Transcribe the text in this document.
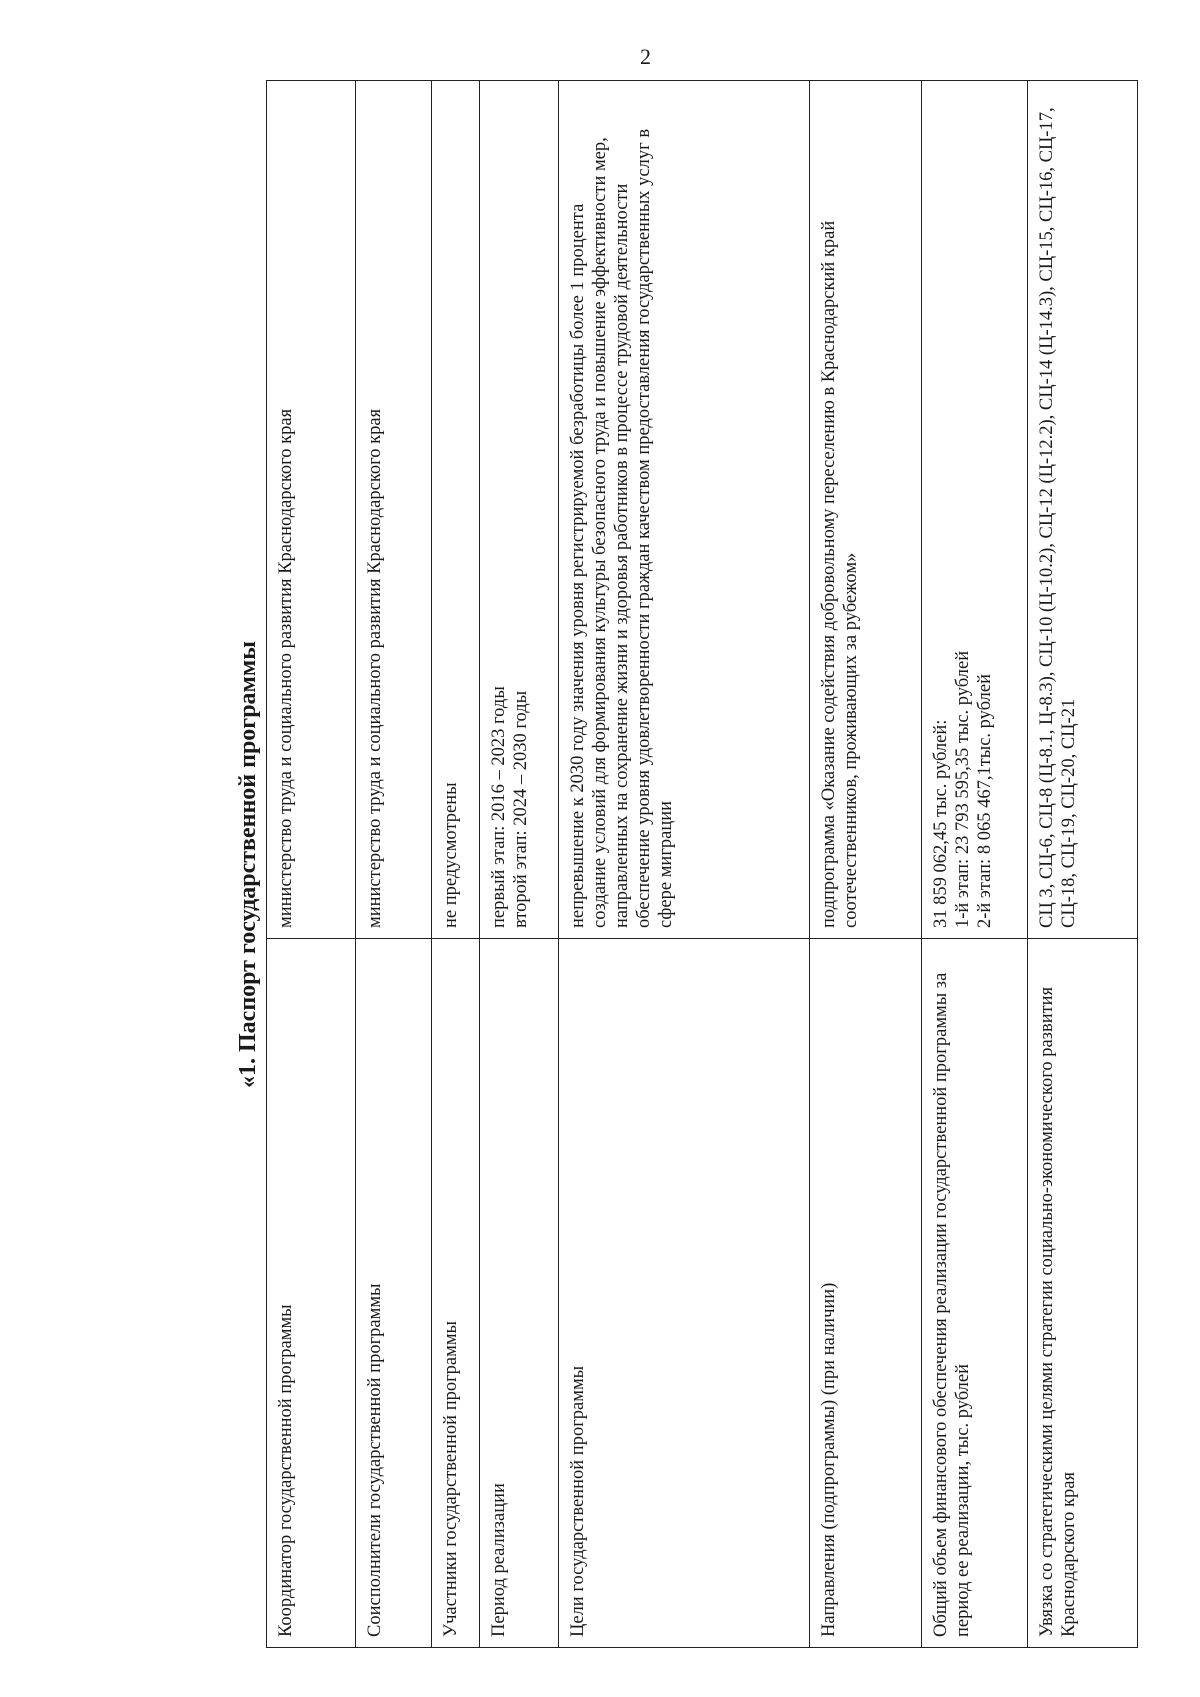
2
«1. Паспорт государственной программы
Координатор государственной программы	министерство труда и социального развития Краснодарского края

Соисполнители государственной программы	министерство труда и социального развития Краснодарского края

Участники государственной программы	не предусмотрены

Период реализации	первый этап: 2016 – 2023 годы второй этап: 2024 – 2030 годы

Цели государственной программы	непревышение к 2030 году значения уровня регистрируемой безработицы более 1 процента создание условий для формирования культуры безопасного труда и повышение эффективности мер, направленных на сохранение жизни и здоровья работников в процессе трудовой деятельности обеспечение уровня удовлетворенности граждан качеством предоставления государственных услуг в сфере миграции

Направления (подпрограммы) (при наличии)	подпрограмма «Оказание содействия добровольному переселению в Краснодарский край соотечественников, проживающих за рубежом»

Общий объем финансового обеспечения реализации государственной программы за период ее реализации, тыс. рублей	31 859 062,45 тыс. рублей: 1-й этап: 23 793 595,35 тыс. рублей 2-й этап: 8 065 467,1тыс. рублей

Увязка со стратегическими целями стратегии социально-экономического развития Краснодарского края	СЦ 3, СЦ-6, СЦ-8 (Ц-8.1, Ц-8.3), СЦ-10 (Ц-10.2), СЦ-12 (Ц-12.2), СЦ-14 (Ц-14.3), СЦ-15, СЦ-16, СЦ-17, СЦ-18, СЦ-19, СЦ-20, СЦ-21
